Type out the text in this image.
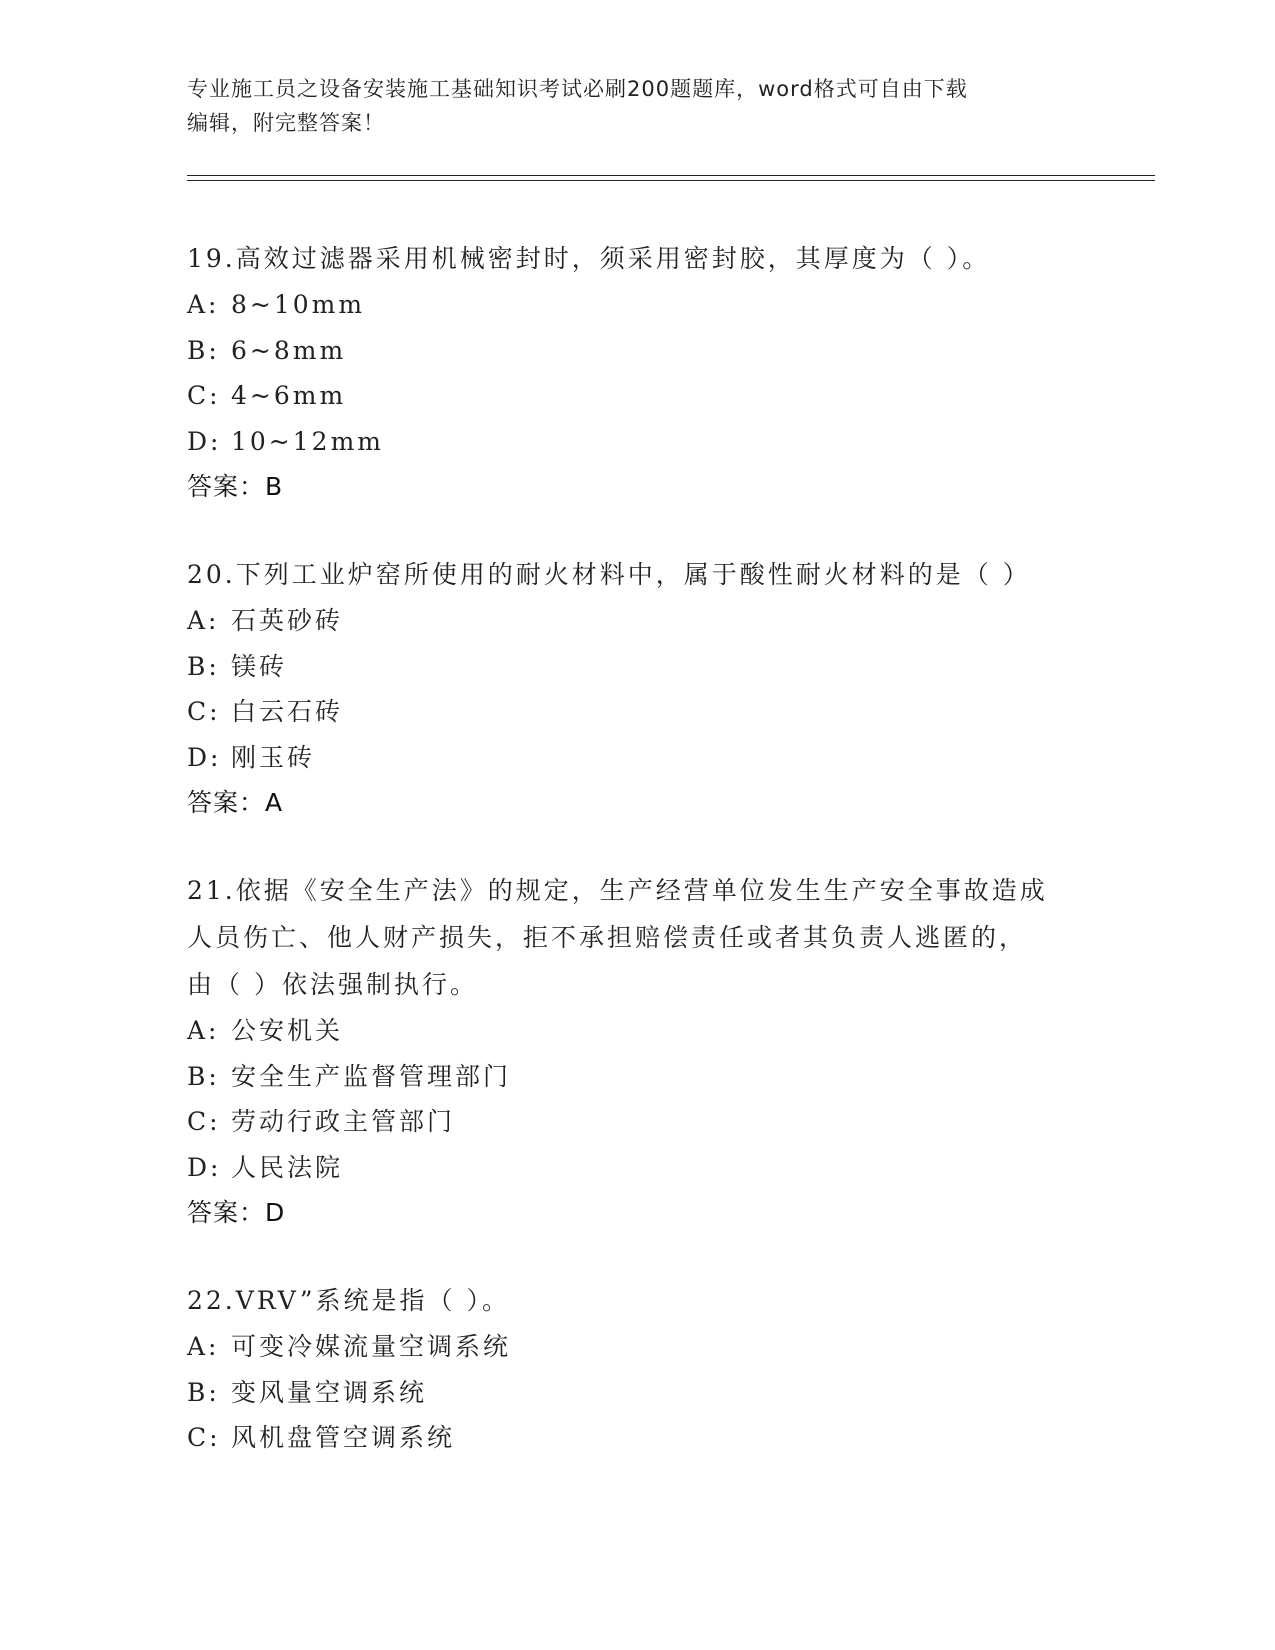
专业施工员之设备安装施工基础知识考试必刷200题题库，word格式可自由下载
编辑，附完整答案！
19.高效过滤器采用机械密封时，须采用密封胶，其厚度为（ ）。
A: 8~10mm
B: 6~8mm
C: 4~6mm
D: 10~12mm
答案：B
20.下列工业炉窑所使用的耐火材料中，属于酸性耐火材料的是（ ）
A: 石英砂砖
B: 镁砖
C: 白云石砖
D: 刚玉砖
答案：A
21.依据《安全生产法》的规定，生产经营单位发生生产安全事故造成
人员伤亡、他人财产损失，拒不承担赔偿责任或者其负责人逃匿的，
由（ ）依法强制执行。
A: 公安机关
B: 安全生产监督管理部门
C: 劳动行政主管部门
D: 人民法院
答案：D
22.VRV”系统是指（ ）。
A: 可变冷媒流量空调系统
B: 变风量空调系统
C: 风机盘管空调系统
